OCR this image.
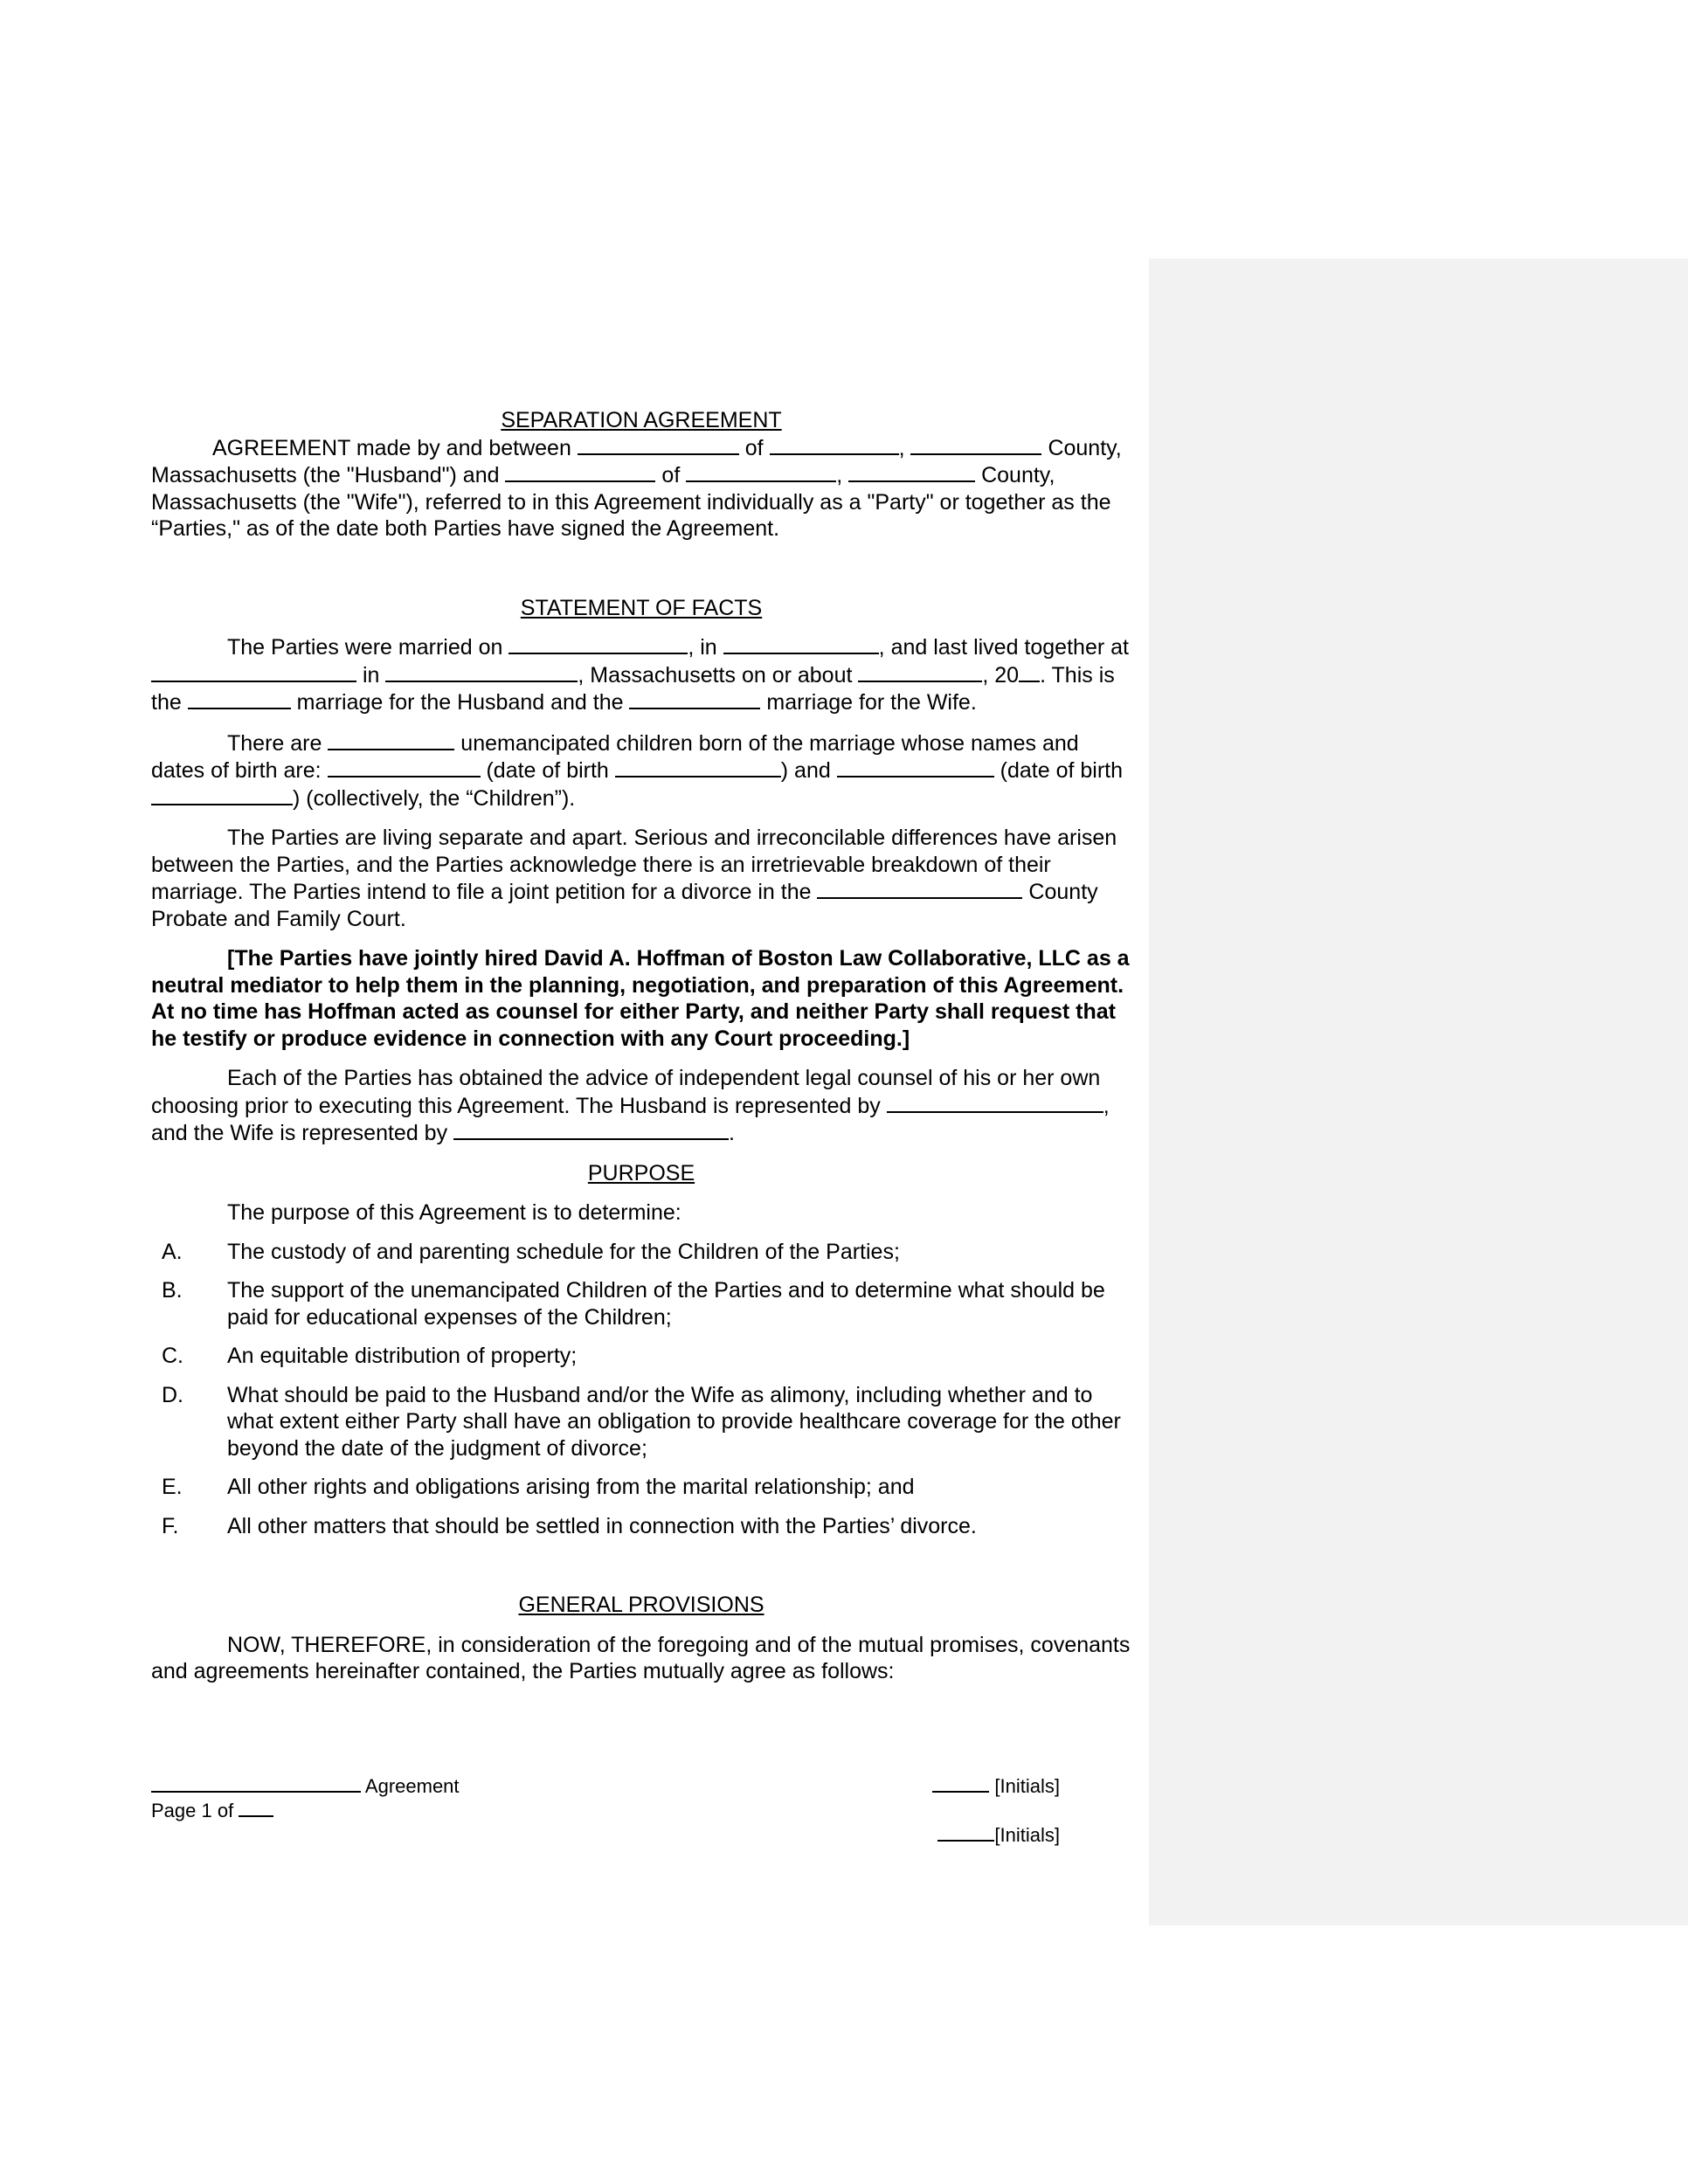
SEPARATION AGREEMENT

AGREEMENT made by and between	of	,	County, Massachusetts (the "Husband") and	of	,	County, Massachusetts (the "Wife"), referred to in this Agreement individually as a "Party" or together as the “Parties," as of the date both Parties have signed the Agreement.

STATEMENT OF FACTS

The Parties were married on	, in	, and last lived together at  in	, Massachusetts on or about	, 20 . This is the	marriage for the Husband and the	marriage for the Wife.

There are	unemancipated children born of the marriage whose names and dates of birth are:	(date of birth	) and	(date of birth ) (collectively, the “Children”).

The Parties are living separate and apart. Serious and irreconcilable differences have arisen between the Parties, and the Parties acknowledge there is an irretrievable breakdown of their marriage. The Parties intend to file a joint petition for a divorce in the	County Probate and Family Court.

[The Parties have jointly hired David A. Hoffman of Boston Law Collaborative, LLC as a neutral mediator to help them in the planning, negotiation, and preparation of this Agreement. At no time has Hoffman acted as counsel for either Party, and neither Party shall request that he testify or produce evidence in connection with any Court proceeding.]

Each of the Parties has obtained the advice of independent legal counsel of his or her own choosing prior to executing this Agreement. The Husband is represented by	, and the Wife is represented by	.

PURPOSE

The purpose of this Agreement is to determine:

A.	The custody of and parenting schedule for the Children of the Parties;
B.	The support of the unemancipated Children of the Parties and to determine what should be paid for educational expenses of the Children;
C.	An equitable distribution of property;
D.	What should be paid to the Husband and/or the Wife as alimony, including whether and to what extent either Party shall have an obligation to provide healthcare coverage for the other beyond the date of the judgment of divorce;
E.	All other rights and obligations arising from the marital relationship; and
F.	All other matters that should be settled in connection with the Parties’ divorce.

GENERAL PROVISIONS

NOW, THEREFORE, in consideration of the foregoing and of the mutual promises, covenants and agreements hereinafter contained, the Parties mutually agree as follows:

Agreement	[Initials]
Page 1 of
[Initials]
